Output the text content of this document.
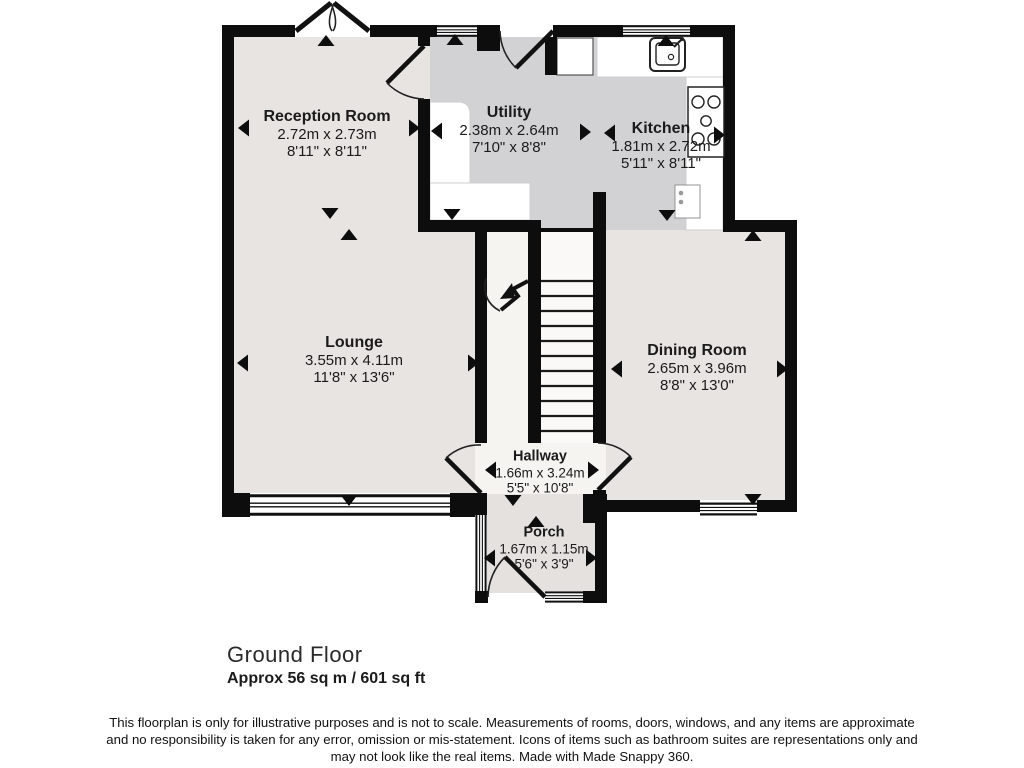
Reception Room
2.72m x 2.73m
8'11" x 8'11"
Utility
2.38m x 2.64m
7'10" x 8'8"
Kitchen
1.81m x 2.72m
5'11" x 8'11"
Lounge
3.55m x 4.11m
11'8" x 13'6"
Dining Room
2.65m x 3.96m
8'8" x 13'0"
Hallway
1.66m x 3.24m
5'5" x 10'8"
Porch
1.67m x 1.15m
5'6" x 3'9"
Ground Floor
Approx 56 sq m / 601 sq ft
This floorplan is only for illustrative purposes and is not to scale. Measurements of rooms, doors, windows, and any items are approximate
and no responsibility is taken for any error, omission or mis-statement. Icons of items such as bathroom suites are representations only and
may not look like the real items. Made with Made Snappy 360.
